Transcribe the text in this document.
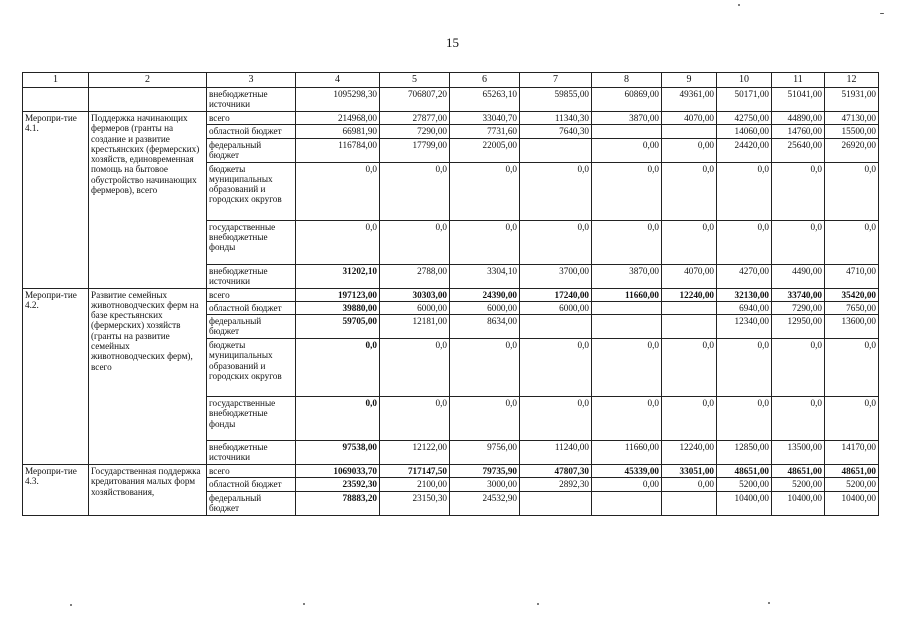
15
1	2	3	4	5	6	7	8	9	10	11	12
		внебюджетные источники	1095298,30	706807,20	65263,10	59855,00	60869,00	49361,00	50171,00	51041,00	51931,00
Меропри-тие 4.1.	Поддержка начинающих фермеров (гранты на создание и развитие крестьянских (фермерских) хозяйств, единовременная помощь на бытовое обустройство начинающих фермеров), всего	всего	214968,00	27877,00	33040,70	11340,30	3870,00	4070,00	42750,00	44890,00	47130,00
		областной бюджет	66981,90	7290,00	7731,60	7640,30			14060,00	14760,00	15500,00
		федеральный бюджет	116784,00	17799,00	22005,00		0,00	0,00	24420,00	25640,00	26920,00
		бюджеты муниципальных образований и городских округов	0,0	0,0	0,0	0,0	0,0	0,0	0,0	0,0	0,0
		государственные внебюджетные фонды	0,0	0,0	0,0	0,0	0,0	0,0	0,0	0,0	0,0
		внебюджетные источники	31202,10	2788,00	3304,10	3700,00	3870,00	4070,00	4270,00	4490,00	4710,00
Меропри-тие 4.2.	Развитие семейных животноводческих ферм на базе крестьянских (фермерских) хозяйств (гранты на развитие семейных животноводческих ферм), всего	всего	197123,00	30303,00	24390,00	17240,00	11660,00	12240,00	32130,00	33740,00	35420,00
		областной бюджет	39880,00	6000,00	6000,00	6000,00			6940,00	7290,00	7650,00
		федеральный бюджет	59705,00	12181,00	8634,00				12340,00	12950,00	13600,00
		бюджеты муниципальных образований и городских округов	0,0	0,0	0,0	0,0	0,0	0,0	0,0	0,0	0,0
		государственные внебюджетные фонды	0,0	0,0	0,0	0,0	0,0	0,0	0,0	0,0	0,0
		внебюджетные источники	97538,00	12122,00	9756,00	11240,00	11660,00	12240,00	12850,00	13500,00	14170,00
Меропри-тие 4.3.	Государственная поддержка кредитования малых форм хозяйствования,	всего	1069033,70	717147,50	79735,90	47807,30	45339,00	33051,00	48651,00	48651,00	48651,00
		областной бюджет	23592,30	2100,00	3000,00	2892,30	0,00	0,00	5200,00	5200,00	5200,00
		федеральный бюджет	78883,20	23150,30	24532,90				10400,00	10400,00	10400,00
